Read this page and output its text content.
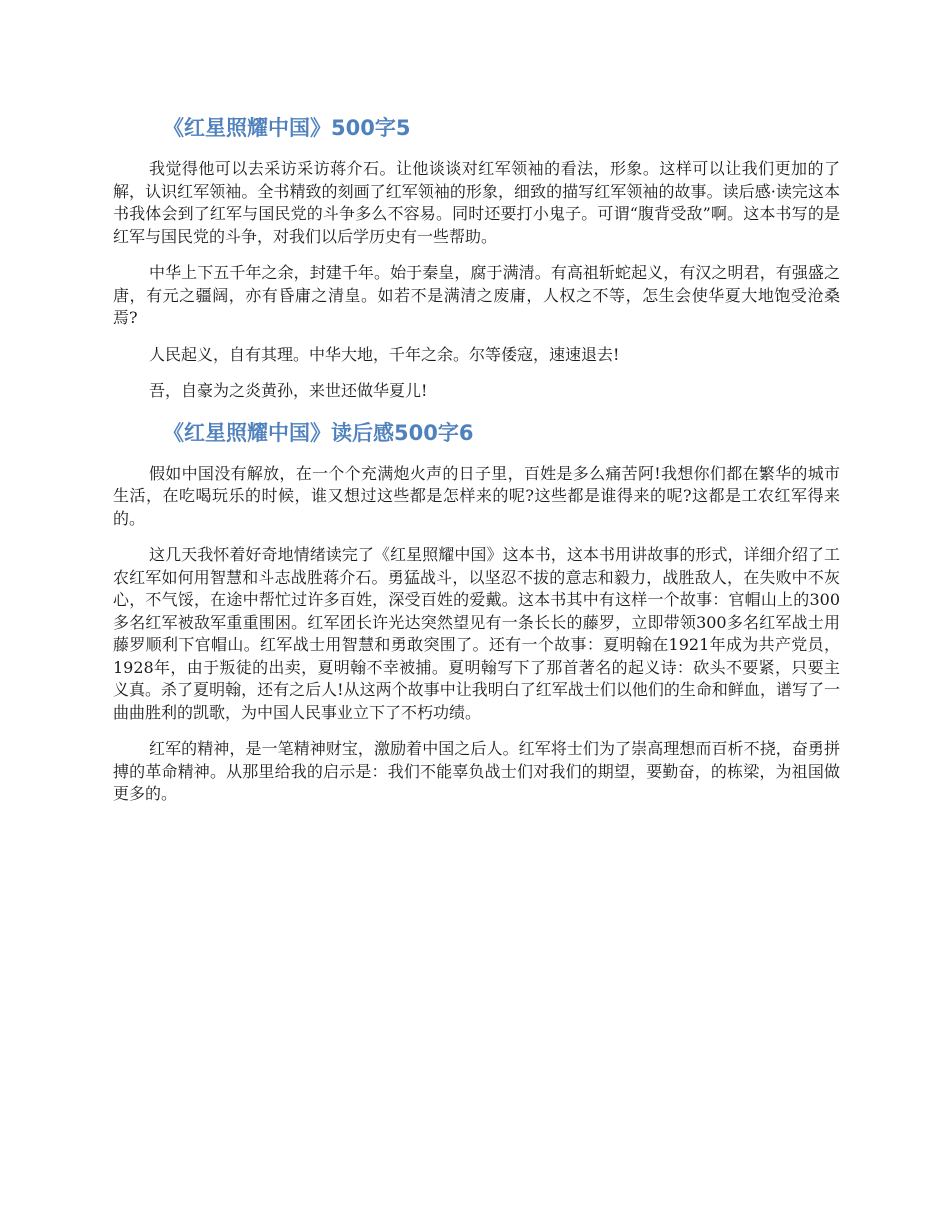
《红星照耀中国》500字5

我觉得他可以去采访采访蒋介石。让他谈谈对红军领袖的看法，形象。这样可以让我们更加的了解，认识红军领袖。全书精致的刻画了红军领袖的形象，细致的描写红军领袖的故事。读后感·读完这本书我体会到了红军与国民党的斗争多么不容易。同时还要打小鬼子。可谓“腹背受敌”啊。这本书写的是红军与国民党的斗争，对我们以后学历史有一些帮助。

中华上下五千年之余，封建千年。始于秦皇，腐于满清。有高祖斩蛇起义，有汉之明君，有强盛之唐，有元之疆阔，亦有昏庸之清皇。如若不是满清之废庸，人权之不等，怎生会使华夏大地饱受沧桑焉?

人民起义，自有其理。中华大地，千年之余。尔等倭寇，速速退去!

吾，自豪为之炎黄孙，来世还做华夏儿!

《红星照耀中国》读后感500字6

假如中国没有解放，在一个个充满炮火声的日子里，百姓是多么痛苦阿!我想你们都在繁华的城市生活，在吃喝玩乐的时候，谁又想过这些都是怎样来的呢?这些都是谁得来的呢?这都是工农红军得来的。

这几天我怀着好奇地情绪读完了《红星照耀中国》这本书，这本书用讲故事的形式，详细介绍了工农红军如何用智慧和斗志战胜蒋介石。勇猛战斗，以坚忍不拔的意志和毅力，战胜敌人，在失败中不灰心，不气馁，在途中帮忙过许多百姓，深受百姓的爱戴。这本书其中有这样一个故事：官帽山上的300多名红军被敌军重重围困。红军团长许光达突然望见有一条长长的藤罗，立即带领300多名红军战士用藤罗顺利下官帽山。红军战士用智慧和勇敢突围了。还有一个故事：夏明翰在1921年成为共产党员，1928年，由于叛徒的出卖，夏明翰不幸被捕。夏明翰写下了那首著名的起义诗：砍头不要紧，只要主义真。杀了夏明翰，还有之后人!从这两个故事中让我明白了红军战士们以他们的生命和鲜血，谱写了一曲曲胜利的凯歌，为中国人民事业立下了不朽功绩。

红军的精神，是一笔精神财宝，激励着中国之后人。红军将士们为了崇高理想而百析不挠，奋勇拼搏的革命精神。从那里给我的启示是：我们不能辜负战士们对我们的期望，要勤奋，的栋梁，为祖国做更多的。
